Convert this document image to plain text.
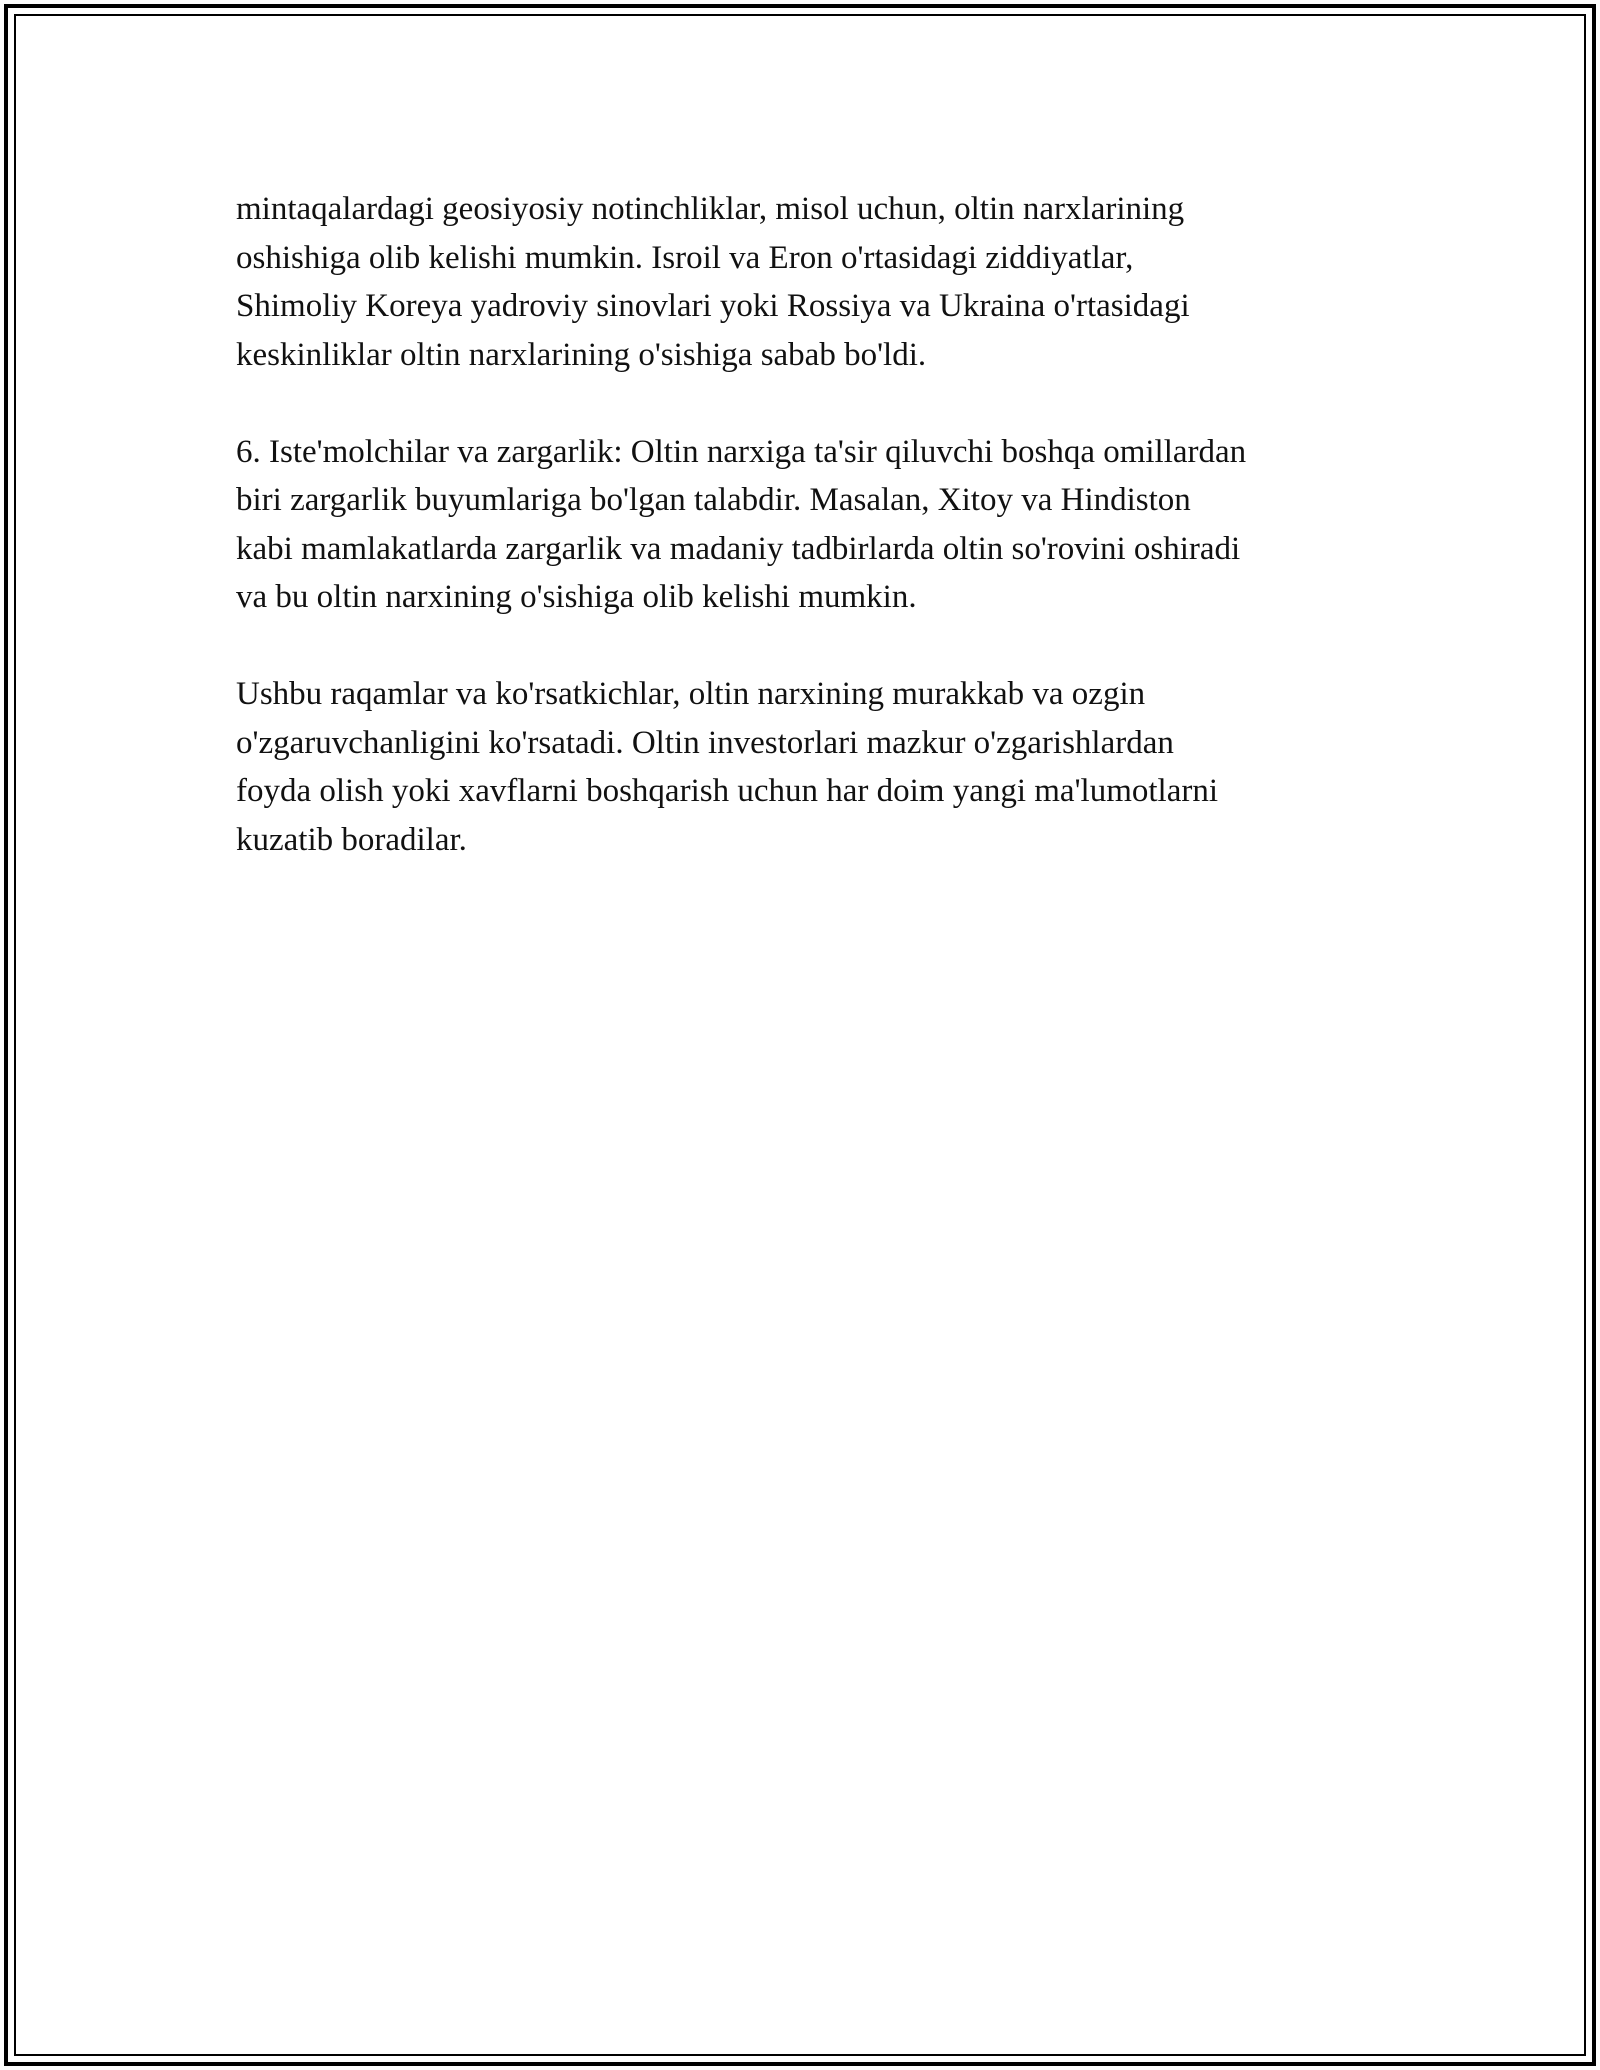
mintaqalardagi geosiyosiy notinchliklar, misol uchun, oltin narxlarining
oshishiga olib kelishi mumkin. Isroil va Eron o'rtasidagi ziddiyatlar,
Shimoliy Koreya yadroviy sinovlari yoki Rossiya va Ukraina o'rtasidagi
keskinliklar oltin narxlarining o'sishiga sabab bo'ldi.

6. Iste'molchilar va zargarlik: Oltin narxiga ta'sir qiluvchi boshqa omillardan
biri zargarlik buyumlariga bo'lgan talabdir. Masalan, Xitoy va Hindiston
kabi mamlakatlarda zargarlik va madaniy tadbirlarda oltin so'rovini oshiradi
va bu oltin narxining o'sishiga olib kelishi mumkin.

Ushbu raqamlar va ko'rsatkichlar, oltin narxining murakkab va ozgin
o'zgaruvchanligini ko'rsatadi. Oltin investorlari mazkur o'zgarishlardan
foyda olish yoki xavflarni boshqarish uchun har doim yangi ma'lumotlarni
kuzatib boradilar.
